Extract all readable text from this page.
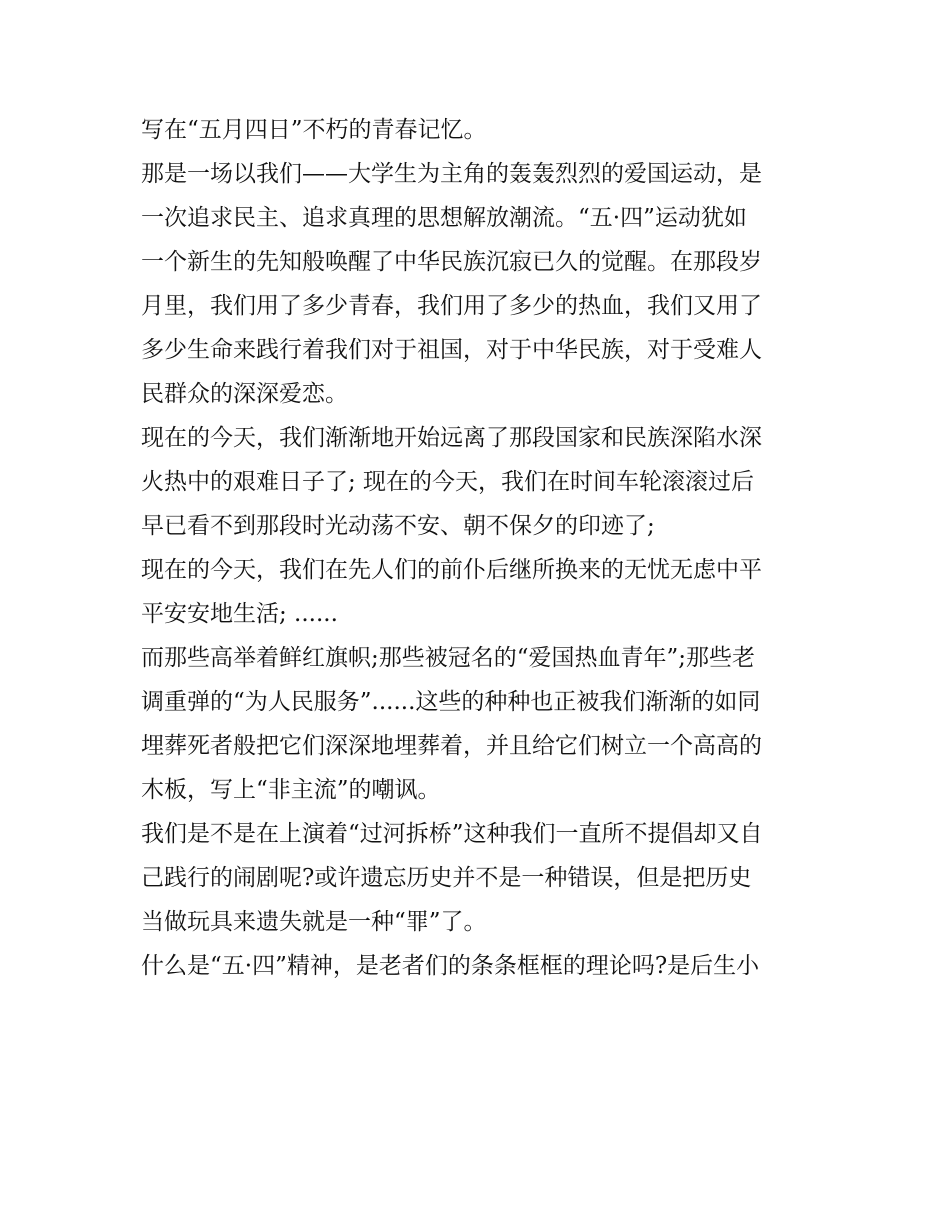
写在“五月四日”不朽的青春记忆。
那是一场以我们——大学生为主角的轰轰烈烈的爱国运动，是
一次追求民主、追求真理的思想解放潮流。“五·四”运动犹如
一个新生的先知般唤醒了中华民族沉寂已久的觉醒。在那段岁
月里，我们用了多少青春，我们用了多少的热血，我们又用了
多少生命来践行着我们对于祖国，对于中华民族，对于受难人
民群众的深深爱恋。
现在的今天，我们渐渐地开始远离了那段国家和民族深陷水深
火热中的艰难日子了; 现在的今天，我们在时间车轮滚滚过后
早已看不到那段时光动荡不安、朝不保夕的印迹了;
现在的今天，我们在先人们的前仆后继所换来的无忧无虑中平
平安安地生活; ......
而那些高举着鲜红旗帜;那些被冠名的“爱国热血青年”;那些老
调重弹的“为人民服务”......这些的种种也正被我们渐渐的如同
埋葬死者般把它们深深地埋葬着，并且给它们树立一个高高的
木板，写上“非主流”的嘲讽。
我们是不是在上演着“过河拆桥”这种我们一直所不提倡却又自
己践行的闹剧呢?或许遗忘历史并不是一种错误，但是把历史
当做玩具来遗失就是一种“罪”了。
什么是“五·四”精神，是老者们的条条框框的理论吗?是后生小
